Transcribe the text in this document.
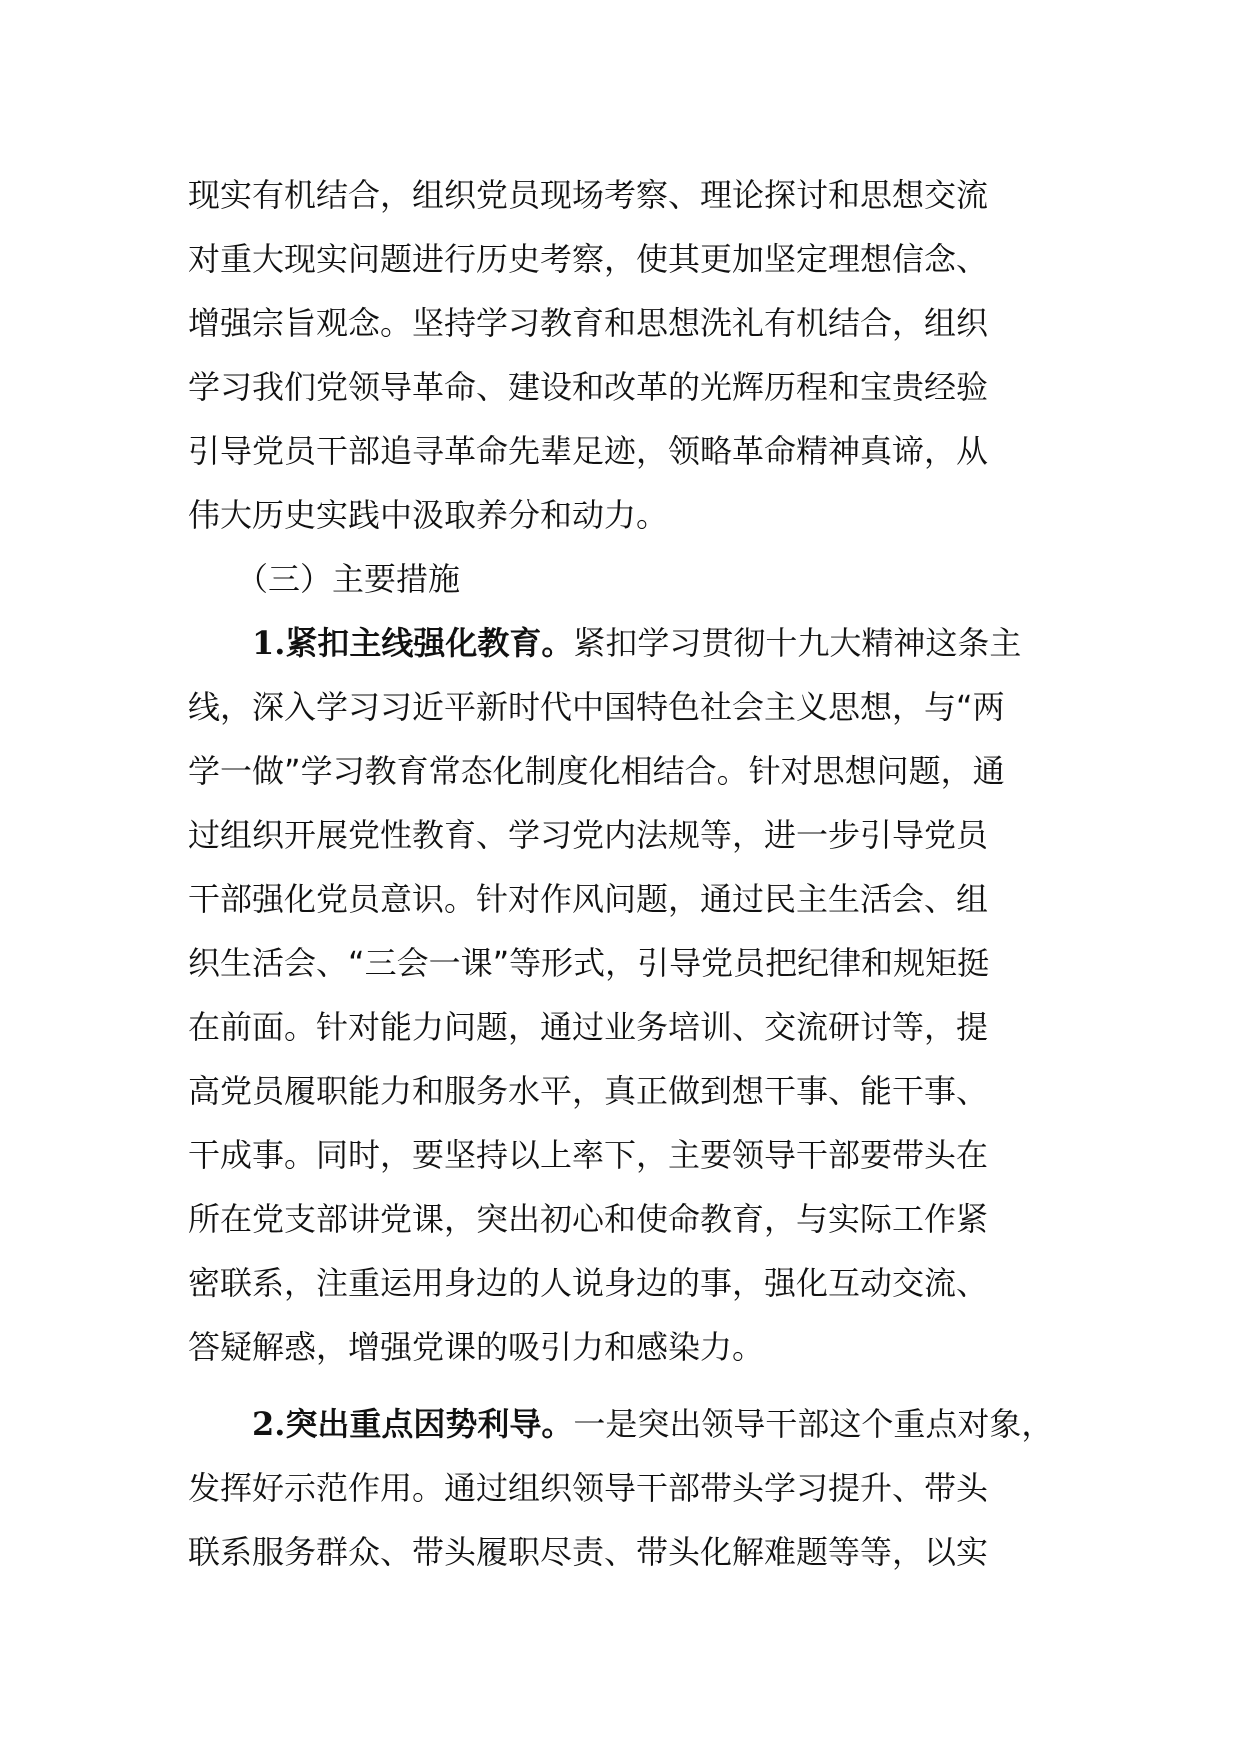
现实有机结合，组织党员现场考察、理论探讨和思想交流
对重大现实问题进行历史考察，使其更加坚定理想信念、
增强宗旨观念。坚持学习教育和思想洗礼有机结合，组织
学习我们党领导革命、建设和改革的光辉历程和宝贵经验
引导党员干部追寻革命先辈足迹，领略革命精神真谛，从
伟大历史实践中汲取养分和动力。
（三）主要措施
1.紧扣主线强化教育。紧扣学习贯彻十九大精神这条主
线，深入学习习近平新时代中国特色社会主义思想，与“两
学一做”学习教育常态化制度化相结合。针对思想问题，通
过组织开展党性教育、学习党内法规等，进一步引导党员
干部强化党员意识。针对作风问题，通过民主生活会、组
织生活会、“三会一课”等形式，引导党员把纪律和规矩挺
在前面。针对能力问题，通过业务培训、交流研讨等，提
高党员履职能力和服务水平，真正做到想干事、能干事、
干成事。同时，要坚持以上率下，主要领导干部要带头在
所在党支部讲党课，突出初心和使命教育，与实际工作紧
密联系，注重运用身边的人说身边的事，强化互动交流、
答疑解惑，增强党课的吸引力和感染力。
2.突出重点因势利导。一是突出领导干部这个重点对象，
发挥好示范作用。通过组织领导干部带头学习提升、带头
联系服务群众、带头履职尽责、带头化解难题等等，以实
